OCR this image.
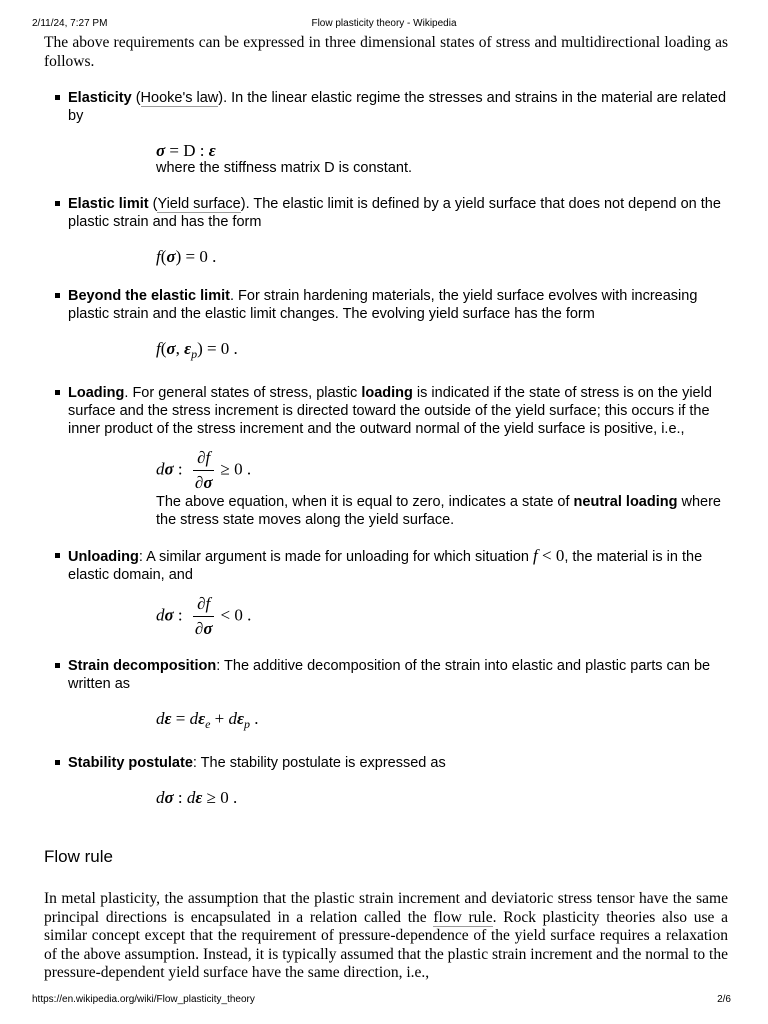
2/11/24, 7:27 PM	Flow plasticity theory - Wikipedia

The above requirements can be expressed in three dimensional states of stress and multidirectional loading as follows.

Elasticity (Hooke's law). In the linear elastic regime the stresses and strains in the material are related by
σ = D : ε
where the stiffness matrix D is constant.
Elastic limit (Yield surface). The elastic limit is defined by a yield surface that does not depend on the plastic strain and has the form
f(σ) = 0 .
Beyond the elastic limit. For strain hardening materials, the yield surface evolves with increasing plastic strain and the elastic limit changes. The evolving yield surface has the form
f(σ, $\varepsilon_p) = 0$ .
Loading. For general states of stress, plastic loading is indicated if the state of stress is on the yield surface and the stress increment is directed toward the outside of the yield surface; this occurs if the inner product of the stress increment and the outward normal of the yield surface is positive, i.e.,
dσ : $\frac{\partial f}{\partial\sigma} \ge 0$ .
The above equation, when it is equal to zero, indicates a state of neutral loading where the stress state moves along the yield surface.
Unloading: A similar argument is made for unloading for which situation f < 0, the material is in the elastic domain, and
dσ : $\frac{\partial f}{\partial\sigma} < 0$ .
Strain decomposition: The additive decomposition of the strain into elastic and plastic parts can be written as
$d\varepsilon = d\varepsilon_e + d\varepsilon_p$ .
Stability postulate: The stability postulate is expressed as
dσ : dε ≥ 0 .
Flow rule

In metal plasticity, the assumption that the plastic strain increment and deviatoric stress tensor have the same principal directions is encapsulated in a relation called the flow rule. Rock plasticity theories also use a similar concept except that the requirement of pressure-dependence of the yield surface requires a relaxation of the above assumption. Instead, it is typically assumed that the plastic strain increment and the normal to the pressure-dependent yield surface have the same direction, i.e.,

https://en.wikipedia.org/wiki/Flow_plasticity_theory	2/6
